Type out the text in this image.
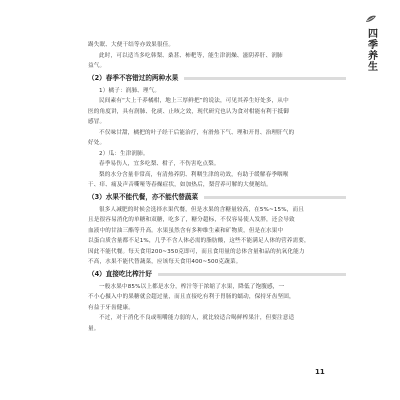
四季养生

踢失眠、大便干结等亦效果很佳。

此时，可以适当多吃韩梨、桑葚、柿粑等，能生津润燥、滋阴养肝、润肺

益气。

（2）春季不容错过的两种水果

1）橘子：润肺、理气。

民间素有“大上千养橘柑，地上三厚鲜把”的说法，可见其养生好处多，从中

医的角度讲，具有润肺、化痰、止咳之效，现代研究也认为食对柑能有利于抵御

感冒。

不仅味甘甜，橘把的叶子经干后能治疗，有滑热下气、理和开胃、治理肝气的

好处。

2）瓜：生津润肺。

春季易伤人，宜多吃梨、柑子，不伤害吃点梨。

梨的水分含量非常高，有清热养阴、利咽生津的功效，有助于缓解春季咽喉

干、痒、痛及声音嘶哑等春燥症状，如加热后，梨营养可解的大便秘结。

（3）水果不能代餐，亦不能代替蔬菜

很多人减肥的时候会选择水果代餐，但是水果的含糖量较高，在5%~15%，而且

且是很容易消化的单糖和双糖，吃多了，糖分超标，不仅容易使人发胖，还会导致

血液中的甘油三酯等升高。水果虽然含有多种维生素和矿物质，但是在水果中

以蛋白质含量都不足1%，几乎不含人体必需的脂肪酸，这些不能满足人体的营养需要，

因此不能代餐。每天食用200~350克即可，而且食用量的总体含量和品的抗氧化能力

不高，水果不能代替蔬菜，应该每天食用400~500克蔬菜。

（4）直接吃比榨汁好

一般水果中85%以上都是水分，榨汁等于浓缩了水果，降低了饱腹感，一

不小心摄入中的果糖就会超过量，而且直接吃有利于胃肠的蠕动，保持牙齿坚固，

有益于牙齿健康。

不过，对于消化不良或咀嚼能力弱的人，就比较适合喝鲜榨果汁，但要注意适

量。

11
